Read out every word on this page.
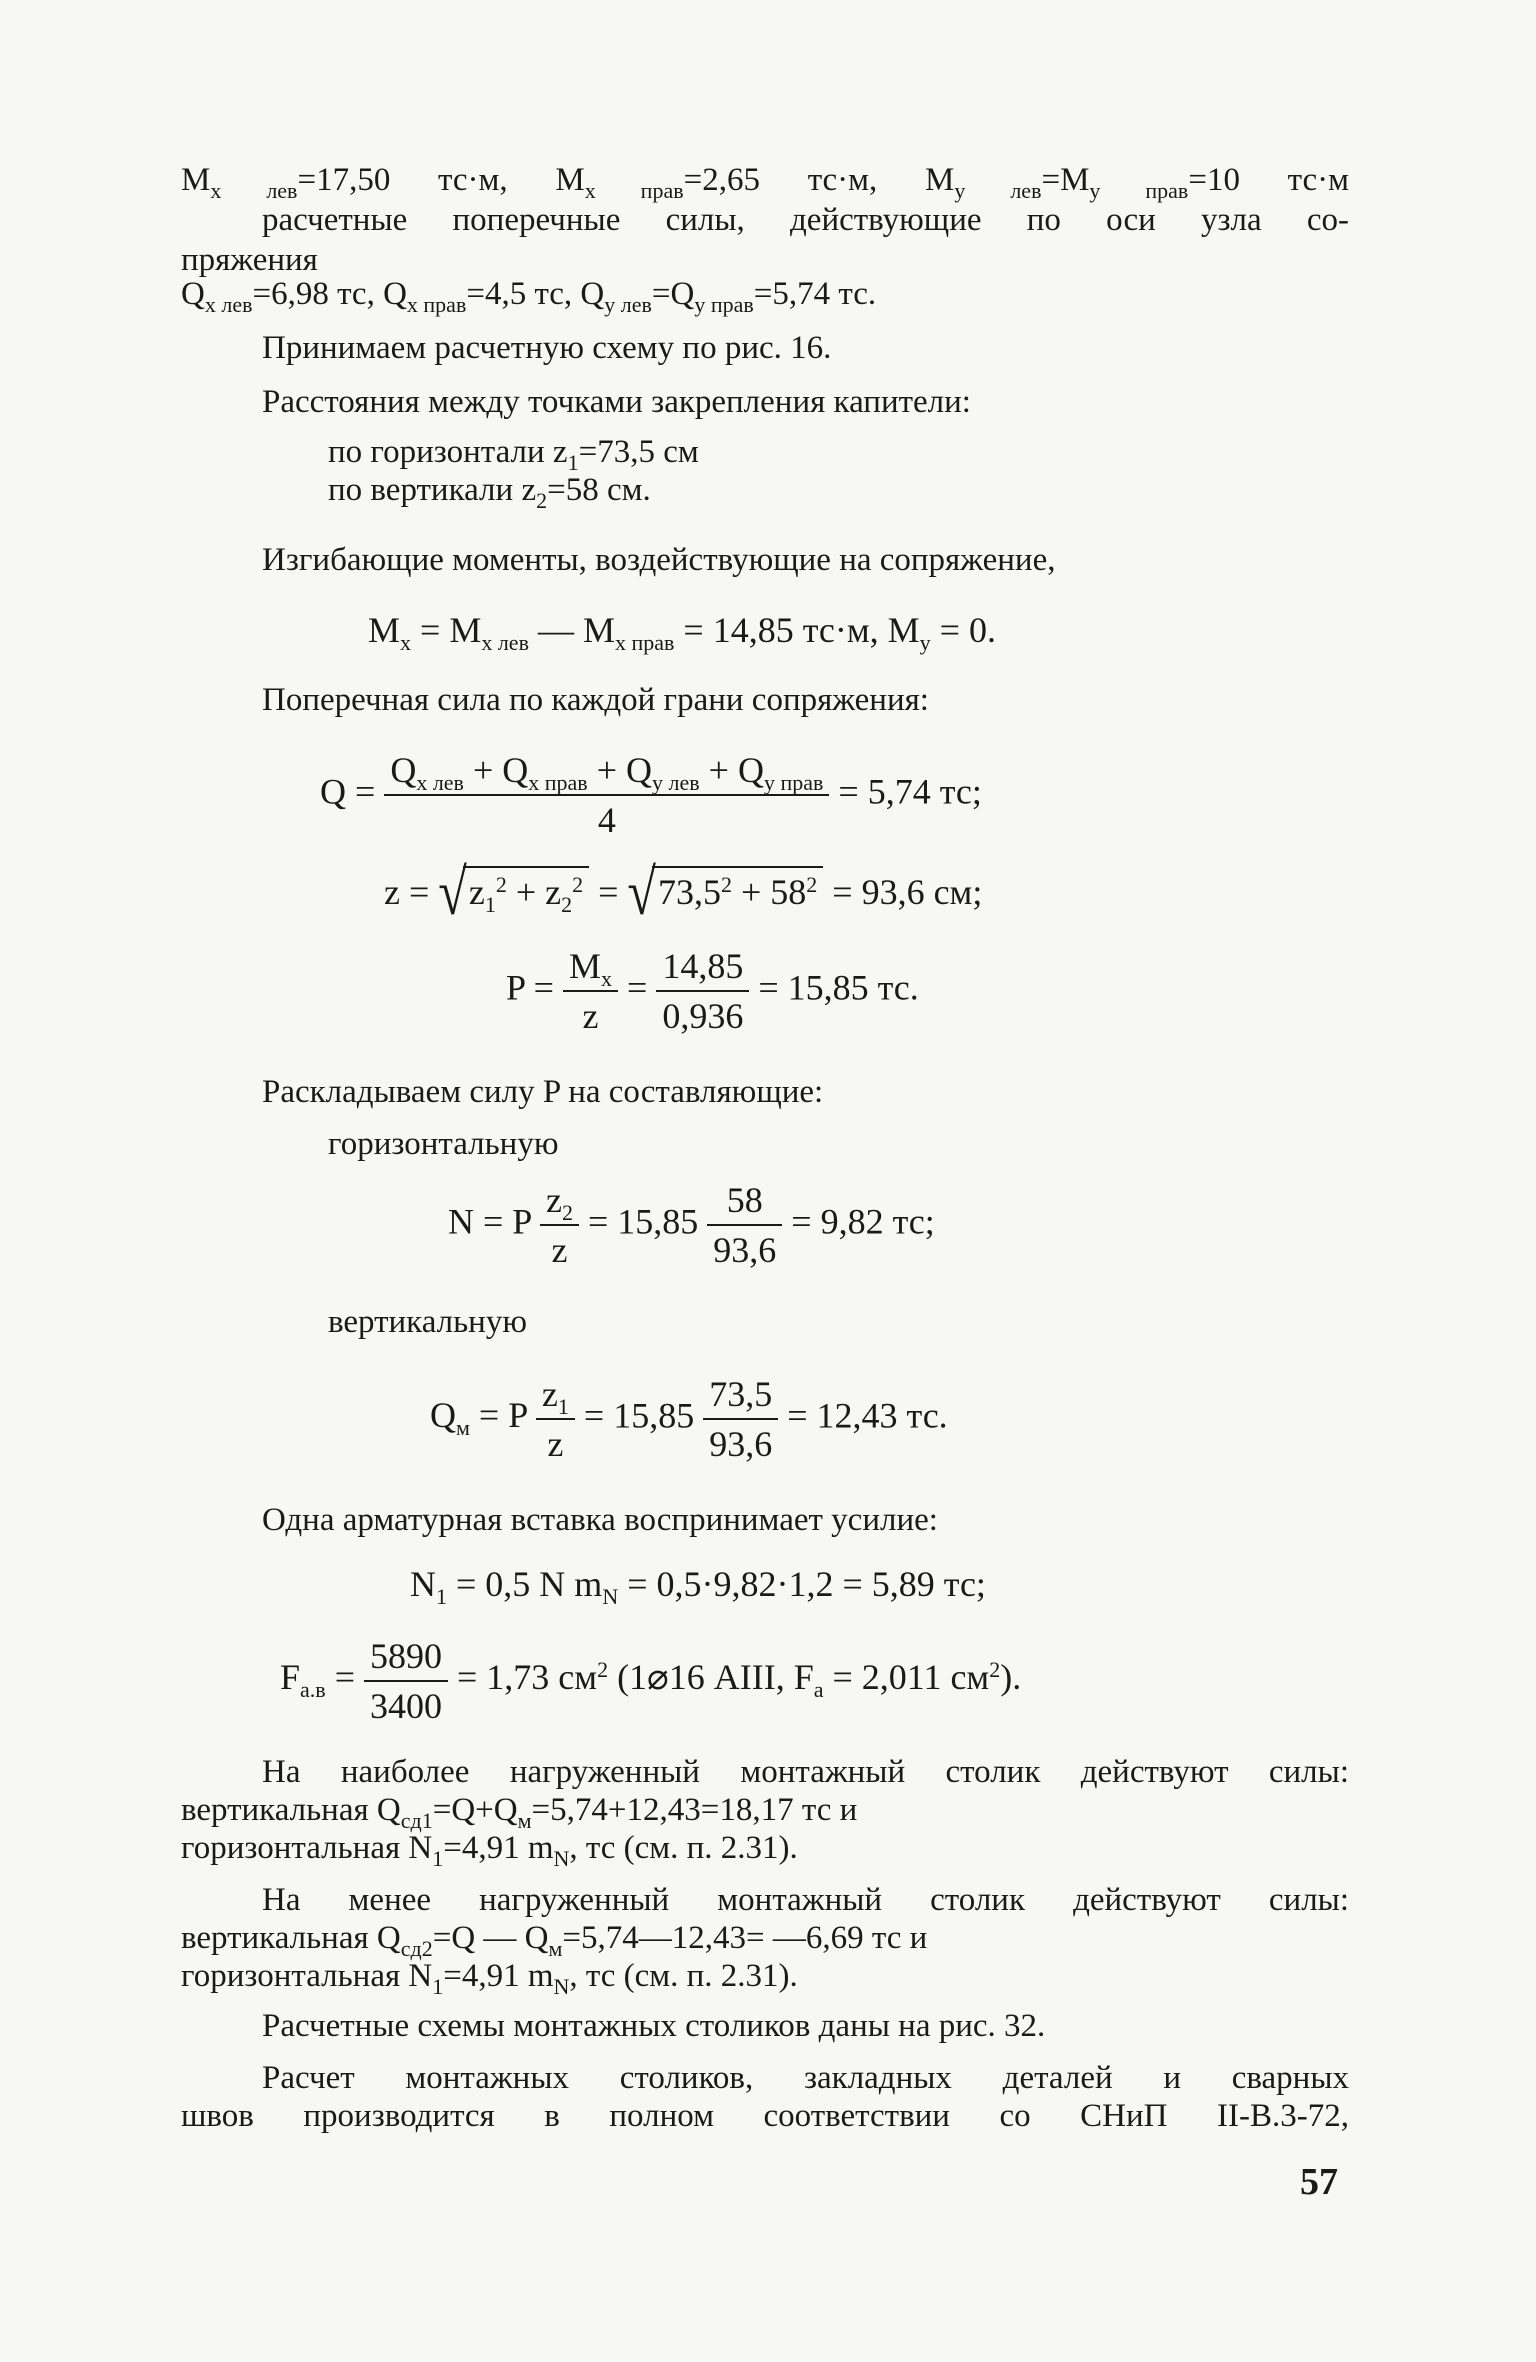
$M_{x лев}=17,50$ тс·м, $M_{x прав}=2,65$ тс·м, $M_{y лев}=M_{y прав}=10$ тс·м
расчетные поперечные силы, действующие по оси узла со-
пряжения
$Q_{x лев}=6,98$ тс, $Q_{x прав}=4,5$ тс, $Q_{y лев}=Q_{y прав}=5,74$ тс.
Принимаем расчетную схему по рис. 16.
Расстояния между точками закрепления капители:
по горизонтали $z_1=73,5$ см
по вертикали $z_2=58$ см.
Изгибающие моменты, воздействующие на сопряжение,
$M_x = M_{x лев}$ — $M_{x прав} = 14,85$ тс·м, $M_y = 0$.
Поперечная сила по каждой грани сопряжения:
$Q = \frac{Q_{x лев} + Q_{x прав} + Q_{y лев} + Q_{y прав}}{4} = 5,74$ тс;
$z = √z_1^2 + z_2^2 = √73,5^2 + 58^2 = 93,6$ см;
$P = \frac{M_x}{z} = \frac{14,85}{0,936} = 15,85$ тс.
Раскладываем силу P на составляющие:
горизонтальную
N = P $\frac{z_2}{z} = 15,85 \frac{58}{93,6} = 9,82$ тс;
вертикальную
$Q_м = P \frac{z_1}{z} = 15,85 \frac{73,5}{93,6} = 12,43$ тс.
Одна арматурная вставка воспринимает усилие:
$N_1 = 0,5$ N $m_N = 0,5\cdot 9,82\cdot 1,2 = 5,89$ тс;
$F_{а.в} = \frac{5890}{3400} = 1,73$ $см^2$ (1⌀16 AIII, $F_а = 2,011$ $см^2$).
На наиболее нагруженный монтажный столик действуют силы:
вертикальная $Q_{сд1}=Q+Q_м=5,74+12,43=18,17$ тс и
горизонтальная $N_1=4,91$ $m_N$, тс (см. п. 2.31).
На менее нагруженный монтажный столик действуют силы:
вертикальная $Q_{сд2}=Q$ — $Q_м=5,74—12,43=$ —6,69 тс и
горизонтальная $N_1=4,91$ $m_N$, тс (см. п. 2.31).
Расчетные схемы монтажных столиков даны на рис. 32.
Расчет монтажных столиков, закладных деталей и сварных
швов производится в полном соответствии со СНиП II-В.3-72,
57
